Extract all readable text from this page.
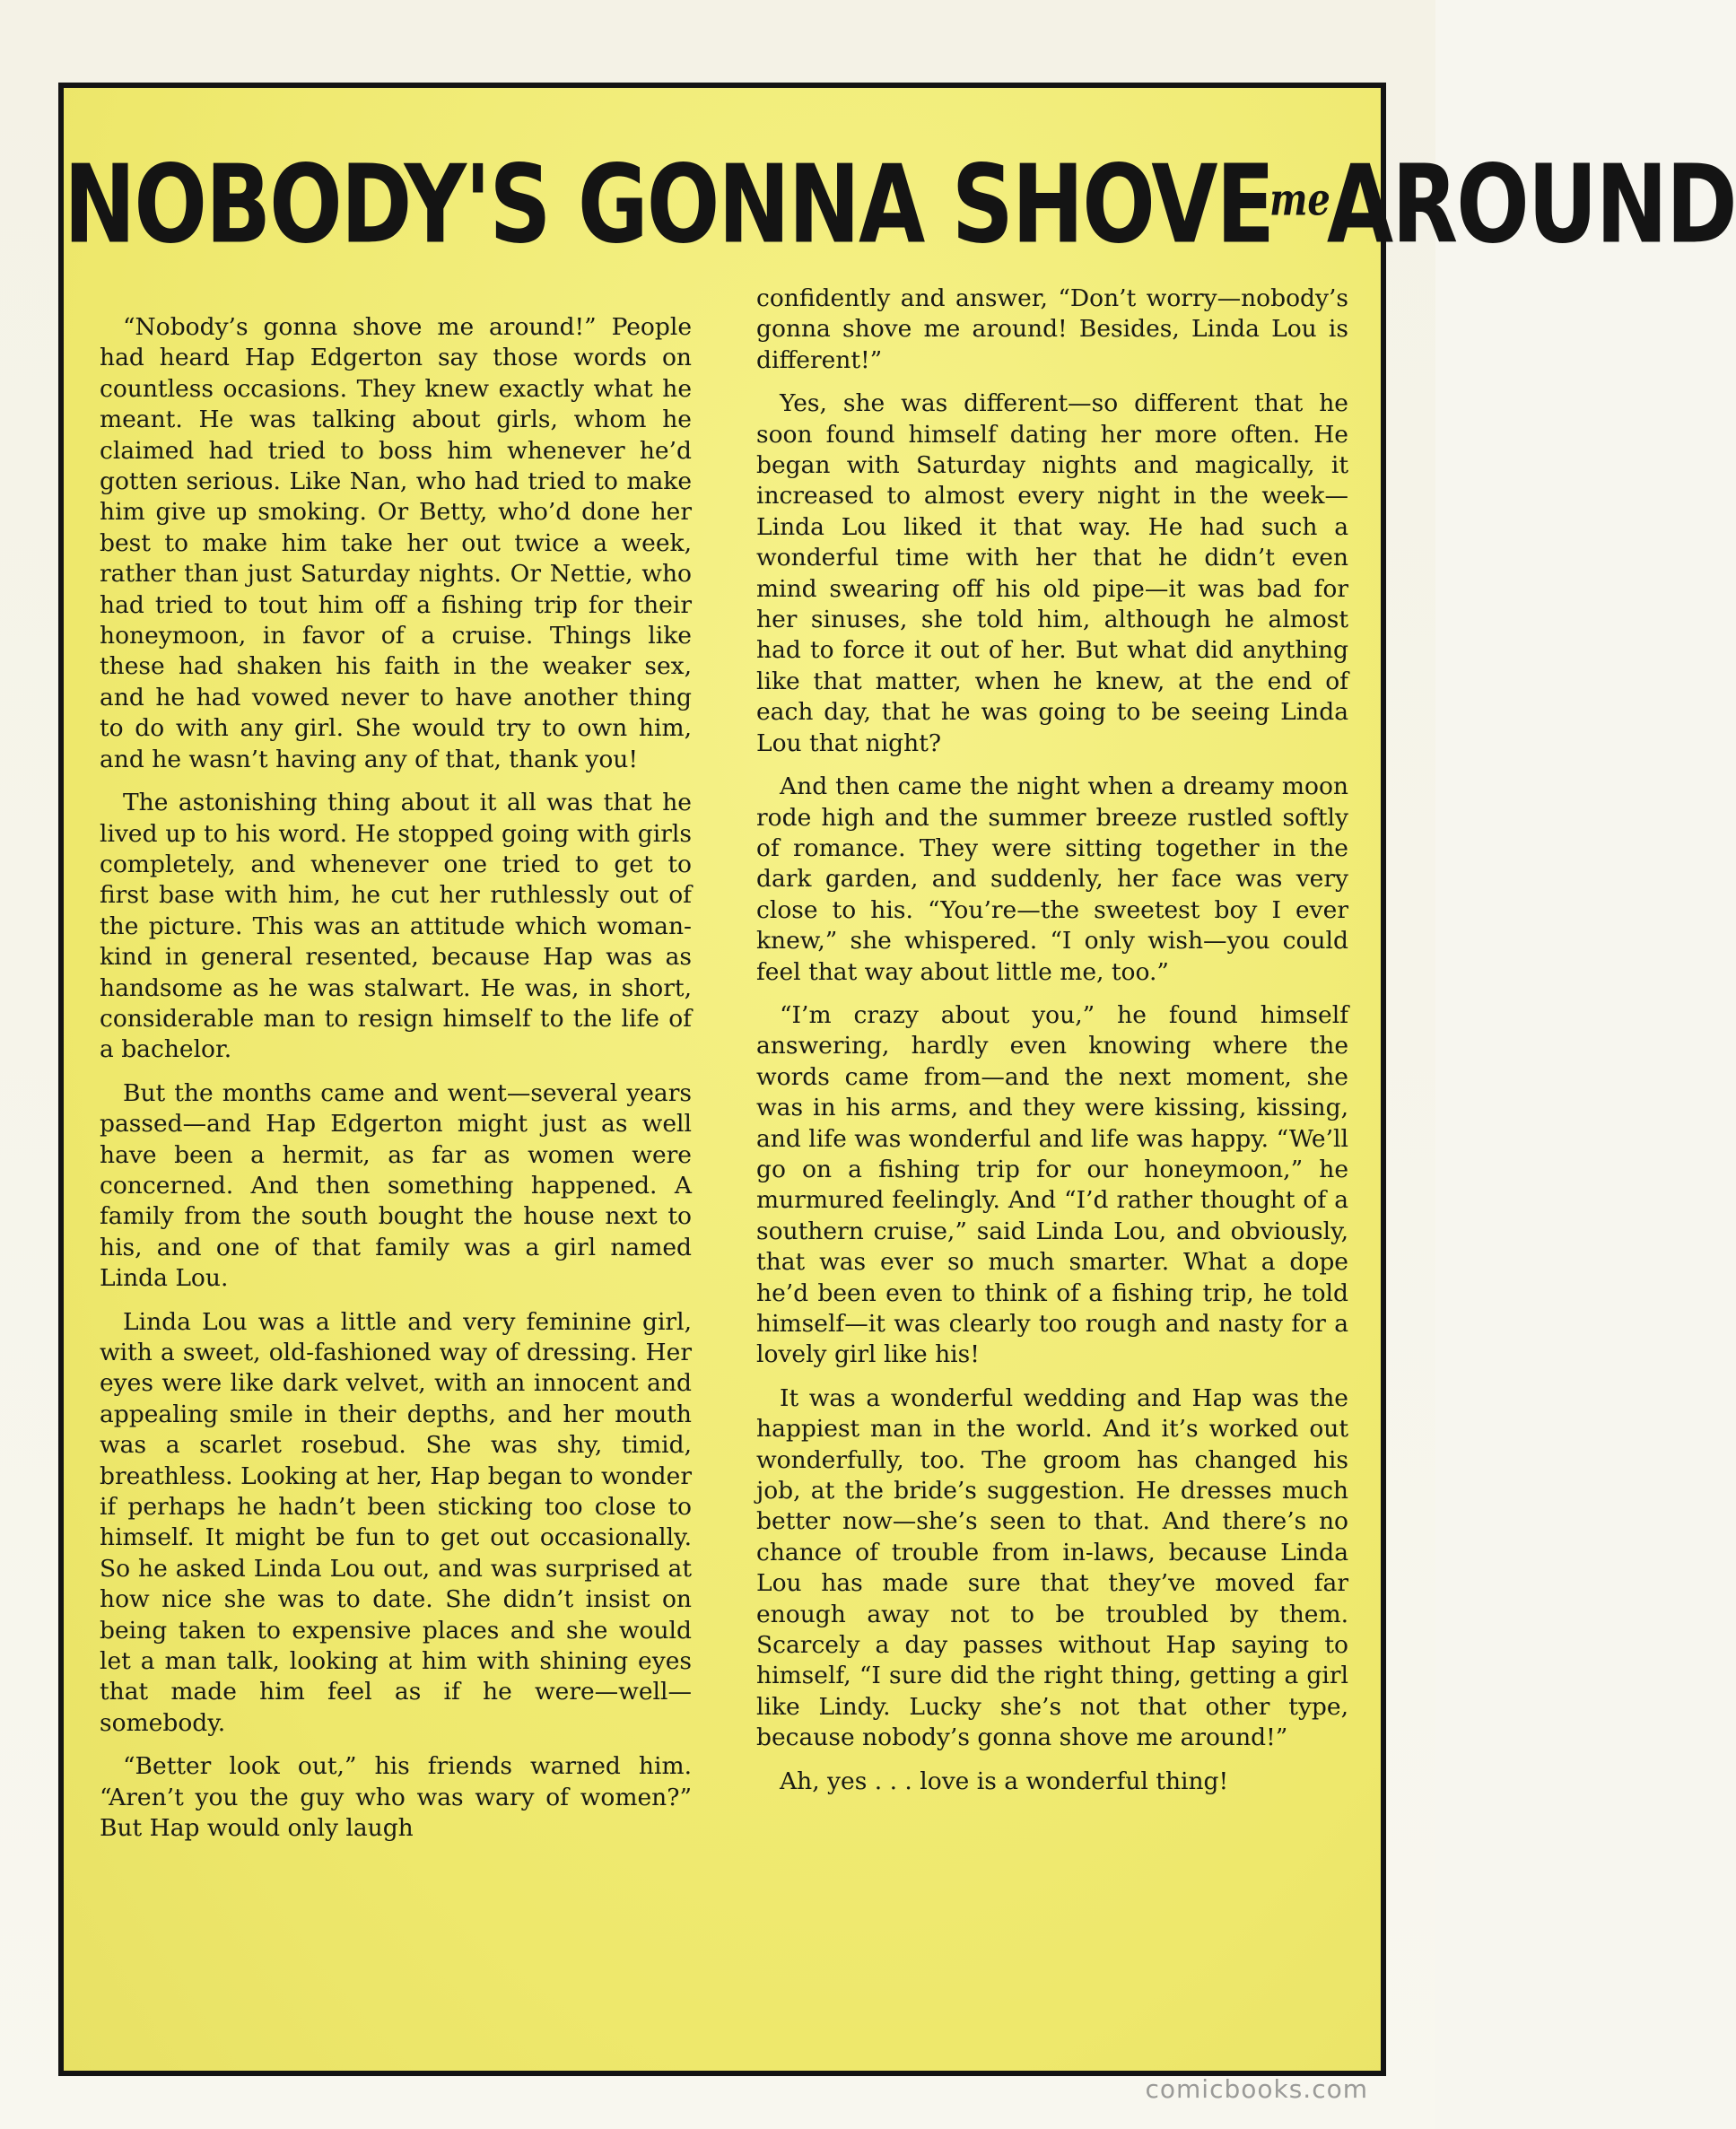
NOBODY'S GONNA $SHOVE^{me}AROUND$

“Nobody’s gonna shove me around!” People had heard Hap Edgerton say those words on countless occasions. They knew exactly what he meant. He was talking about girls, whom he claimed had tried to boss him whenever he’d gotten serious. Like Nan, who had tried to make him give up smoking. Or Betty, who’d done her best to make him take her out twice a week, rather than just Saturday nights. Or Nettie, who had tried to tout him off a fishing trip for their honeymoon, in favor of a cruise. Things like these had shaken his faith in the weaker sex, and he had vowed never to have another thing to do with any girl. She would try to own him, and he wasn’t having any of that, thank you!

The astonishing thing about it all was that he lived up to his word. He stopped going with girls completely, and whenever one tried to get to first base with him, he cut her ruthlessly out of the picture. This was an attitude which woman-kind in general resented, because Hap was as handsome as he was stalwart. He was, in short, considerable man to resign himself to the life of a bachelor.

But the months came and went—several years passed—and Hap Edgerton might just as well have been a hermit, as far as women were concerned. And then something happened. A family from the south bought the house next to his, and one of that family was a girl named Linda Lou.

Linda Lou was a little and very feminine girl, with a sweet, old-fashioned way of dressing. Her eyes were like dark velvet, with an innocent and appealing smile in their depths, and her mouth was a scarlet rosebud. She was shy, timid, breathless. Looking at her, Hap began to wonder if perhaps he hadn’t been sticking too close to himself. It might be fun to get out occasionally. So he asked Linda Lou out, and was surprised at how nice she was to date. She didn’t insist on being taken to expensive places and she would let a man talk, looking at him with shining eyes that made him feel as if he were—well—somebody.

“Better look out,” his friends warned him. “Aren’t you the guy who was wary of women?” But Hap would only laugh

confidently and answer, “Don’t worry—nobody’s gonna shove me around! Besides, Linda Lou is different!”

Yes, she was different—so different that he soon found himself dating her more often. He began with Saturday nights and magically, it increased to almost every night in the week—Linda Lou liked it that way. He had such a wonderful time with her that he didn’t even mind swearing off his old pipe—it was bad for her sinuses, she told him, although he almost had to force it out of her. But what did anything like that matter, when he knew, at the end of each day, that he was going to be seeing Linda Lou that night?

And then came the night when a dreamy moon rode high and the summer breeze rustled softly of romance. They were sitting together in the dark garden, and suddenly, her face was very close to his. “You’re—the sweetest boy I ever knew,” she whispered. “I only wish—you could feel that way about little me, too.”

“I’m crazy about you,” he found himself answering, hardly even knowing where the words came from—and the next moment, she was in his arms, and they were kissing, kissing, and life was wonderful and life was happy. “We’ll go on a fishing trip for our honeymoon,” he murmured feelingly. And “I’d rather thought of a southern cruise,” said Linda Lou, and obviously, that was ever so much smarter. What a dope he’d been even to think of a fishing trip, he told himself—it was clearly too rough and nasty for a lovely girl like his!

It was a wonderful wedding and Hap was the happiest man in the world. And it’s worked out wonderfully, too. The groom has changed his job, at the bride’s suggestion. He dresses much better now—she’s seen to that. And there’s no chance of trouble from in-laws, because Linda Lou has made sure that they’ve moved far enough away not to be troubled by them. Scarcely a day passes without Hap saying to himself, “I sure did the right thing, getting a girl like Lindy. Lucky she’s not that other type, because nobody’s gonna shove me around!”

Ah, yes . . . love is a wonderful thing!

comicbooks.com
